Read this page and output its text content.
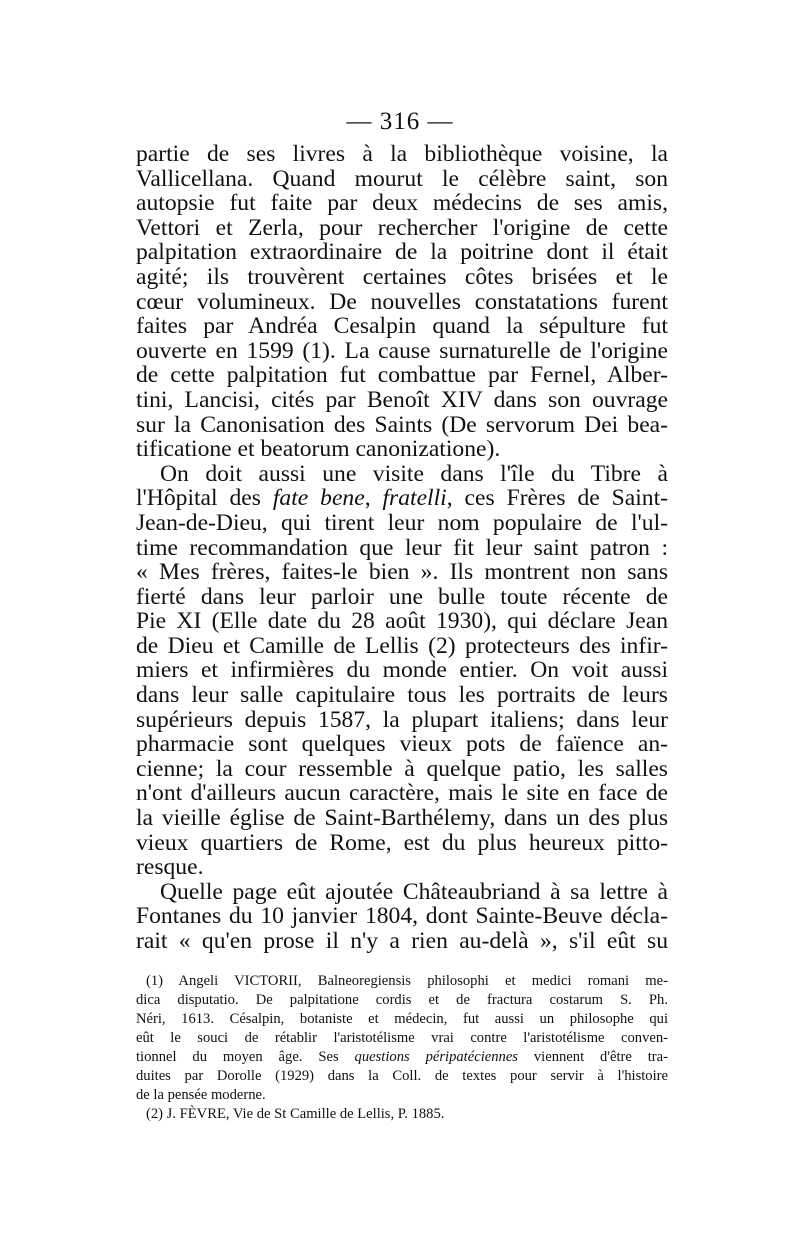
— 316 —
partie de ses livres à la bibliothèque voisine, la
Vallicellana. Quand mourut le célèbre saint, son
autopsie fut faite par deux médecins de ses amis,
Vettori et Zerla, pour rechercher l'origine de cette
palpitation extraordinaire de la poitrine dont il était
agité; ils trouvèrent certaines côtes brisées et le
cœur volumineux. De nouvelles constatations furent
faites par Andréa Cesalpin quand la sépulture fut
ouverte en 1599 (1). La cause surnaturelle de l'origine
de cette palpitation fut combattue par Fernel, Alber-
tini, Lancisi, cités par Benoît XIV dans son ouvrage
sur la Canonisation des Saints (De servorum Dei bea-
tificatione et beatorum canonizatione).
On doit aussi une visite dans l'île du Tibre à
l'Hôpital des fate bene, fratelli, ces Frères de Saint-
Jean-de-Dieu, qui tirent leur nom populaire de l'ul-
time recommandation que leur fit leur saint patron :
« Mes frères, faites-le bien ». Ils montrent non sans
fierté dans leur parloir une bulle toute récente de
Pie XI (Elle date du 28 août 1930), qui déclare Jean
de Dieu et Camille de Lellis (2) protecteurs des infir-
miers et infirmières du monde entier. On voit aussi
dans leur salle capitulaire tous les portraits de leurs
supérieurs depuis 1587, la plupart italiens; dans leur
pharmacie sont quelques vieux pots de faïence an-
cienne; la cour ressemble à quelque patio, les salles
n'ont d'ailleurs aucun caractère, mais le site en face de
la vieille église de Saint-Barthélemy, dans un des plus
vieux quartiers de Rome, est du plus heureux pitto-
resque.
Quelle page eût ajoutée Châteaubriand à sa lettre à
Fontanes du 10 janvier 1804, dont Sainte-Beuve décla-
rait « qu'en prose il n'y a rien au-delà », s'il eût su
(1) Angeli VICTORII, Balneoregiensis philosophi et medici romani me-
dica disputatio. De palpitatione cordis et de fractura costarum S. Ph.
Néri, 1613. Césalpin, botaniste et médecin, fut aussi un philosophe qui
eût le souci de rétablir l'aristotélisme vrai contre l'aristotélisme conven-
tionnel du moyen âge. Ses questions péripatéciennes viennent d'être tra-
duites par Dorolle (1929) dans la Coll. de textes pour servir à l'histoire
de la pensée moderne.
(2) J. FÈVRE, Vie de St Camille de Lellis, P. 1885.
